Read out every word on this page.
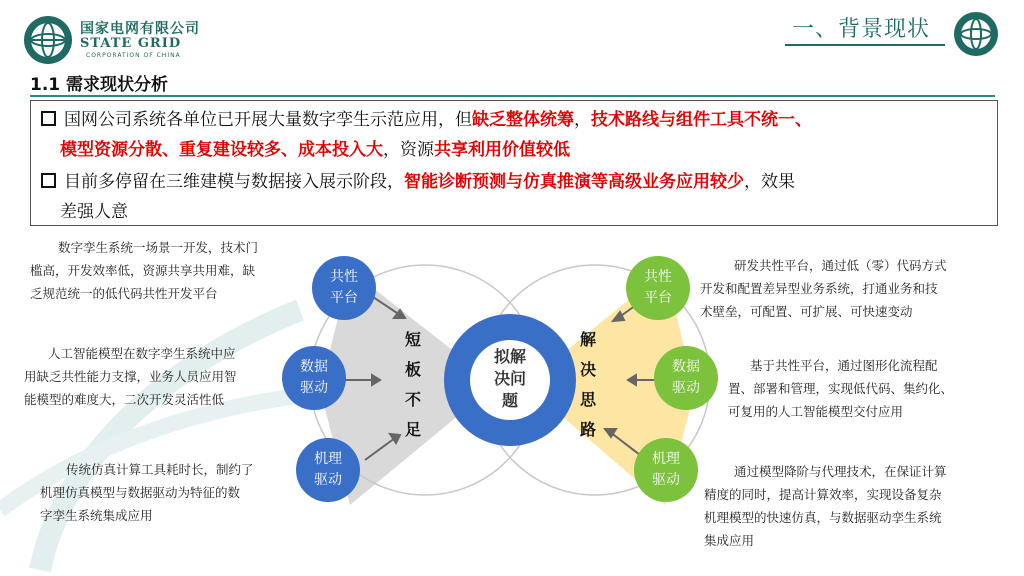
国家电网有限公司
STATE GRID
CORPORATION OF CHINA
一、背景现状
1.1 需求现状分析
国网公司系统各单位已开展大量数字孪生示范应用，但缺乏整体统筹，技术路线与组件工具不统一、
模型资源分散、重复建设较多、成本投入大，资源共享利用价值较低
目前多停留在三维建模与数据接入展示阶段，智能诊断预测与仿真推演等高级业务应用较少，效果
差强人意
拟解
决问
题
短
板
不
足
解
决
思
路
共性
平台
数据
驱动
机理
驱动
共性
平台
数据
驱动
机理
驱动
数字孪生系统一场景一开发，技术门
槛高，开发效率低，资源共享共用难，缺
乏规范统一的低代码共性开发平台
人工智能模型在数字孪生系统中应
用缺乏共性能力支撑，业务人员应用智
能模型的难度大，二次开发灵活性低
传统仿真计算工具耗时长，制约了
机理仿真模型与数据驱动为特征的数
字孪生系统集成应用
研发共性平台，通过低（零）代码方式
开发和配置差异型业务系统，打通业务和技
术壁垒，可配置、可扩展、可快速变动
基于共性平台，通过图形化流程配
置、部署和管理，实现低代码、集约化、
可复用的人工智能模型交付应用
通过模型降阶与代理技术，在保证计算
精度的同时，提高计算效率，实现设备复杂
机理模型的快速仿真，与数据驱动孪生系统
集成应用
